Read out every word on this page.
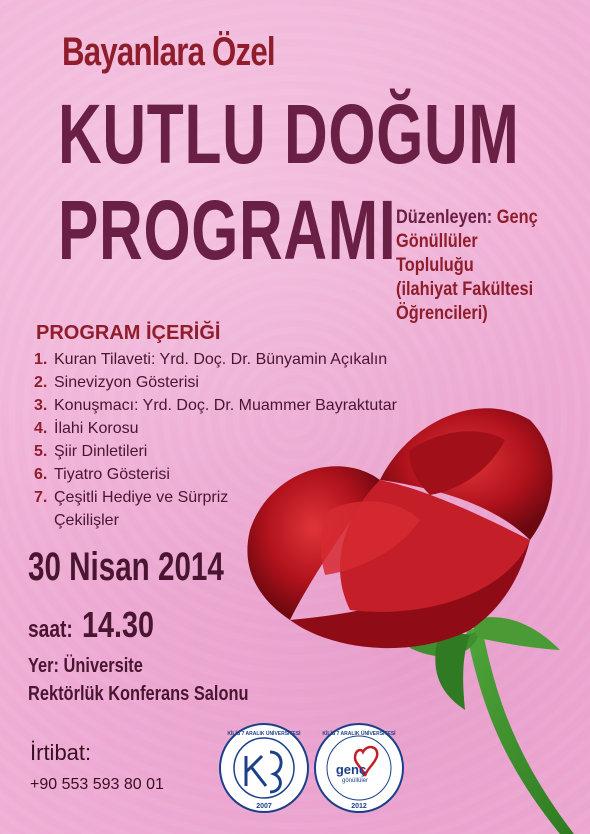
Bayanlara Özel
KUTLU DOĞUM
PROGRAMI Düzenleyen: Genç
Gönüllüler Topluluğu
(ilahiyat Fakültesi
Öğrencileri)
PROGRAM İÇERİĞİ
1. Kuran Tilaveti: Yrd. Doç. Dr. Bünyamin Açıkalın
2. Sinevizyon Gösterisi
3. Konuşmacı: Yrd. Doç. Dr. Muammer Bayraktutar
4. İlahi Korosu
5. Şiir Dinletileri
6. Tiyatro Gösterisi
7. Çeşitli Hediye ve Sürpriz Çekilişler
30 Nisan 2014
saat: 14.30
Yer: Üniversite
Rektörlük Konferans Salonu
İrtibat:
+90 553 593 80 01
2007
KİLİS 7 ARALIK ÜNİVERSİTESİ
genç
gönüllüler
2012
KİLİS 7 ARALIK ÜNİVERSİTESİ
